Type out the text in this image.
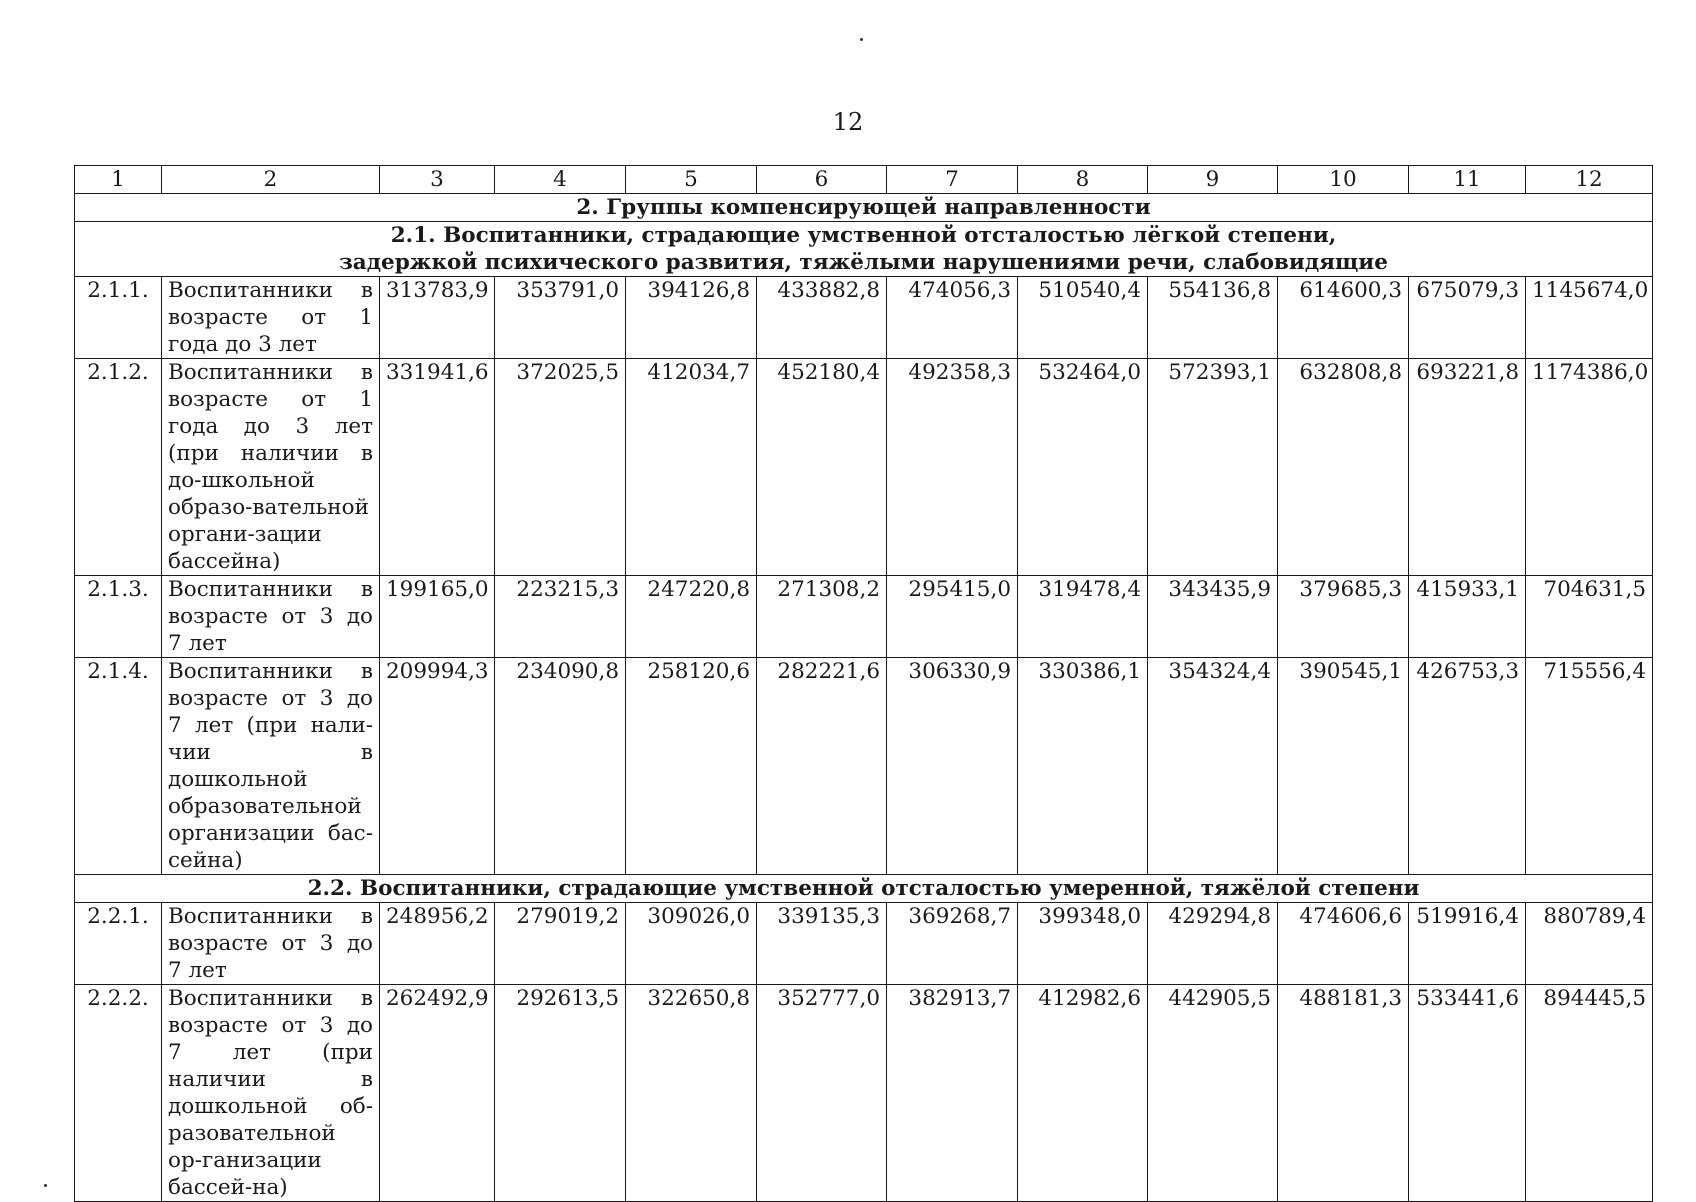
12
1	2	3	4	5	6	7	8	9	10	11	12
2. Группы компенсирующей направленности											
2.1. Воспитанники, страдающие умственной отсталостью лёгкой степени,
задержкой психического развития, тяжёлыми нарушениями речи, слабовидящие											
2.1.1.	Воспитанники в возрасте от 1 года до 3 лет	313783,9	353791,0	394126,8	433882,8	474056,3	510540,4	554136,8	614600,3	675079,3	1145674,0
2.1.2.	Воспитанники в возрасте от 1 года до 3 лет (при наличии в до-школьной образо-вательной органи-зации бассейна)	331941,6	372025,5	412034,7	452180,4	492358,3	532464,0	572393,1	632808,8	693221,8	1174386,0
2.1.3.	Воспитанники в возрасте от 3 до 7 лет	199165,0	223215,3	247220,8	271308,2	295415,0	319478,4	343435,9	379685,3	415933,1	704631,5
2.1.4.	Воспитанники в возрасте от 3 до 7 лет (при нали-чии в дошкольной образовательной организации бас-сейна)	209994,3	234090,8	258120,6	282221,6	306330,9	330386,1	354324,4	390545,1	426753,3	715556,4
2.2. Воспитанники, страдающие умственной отсталостью умеренной, тяжёлой степени											
2.2.1.	Воспитанники в возрасте от 3 до 7 лет	248956,2	279019,2	309026,0	339135,3	369268,7	399348,0	429294,8	474606,6	519916,4	880789,4
2.2.2.	Воспитанники в возрасте от 3 до 7 лет (при наличии в дошкольной об-разовательной ор-ганизации бассей-на)	262492,9	292613,5	322650,8	352777,0	382913,7	412982,6	442905,5	488181,3	533441,6	894445,5
